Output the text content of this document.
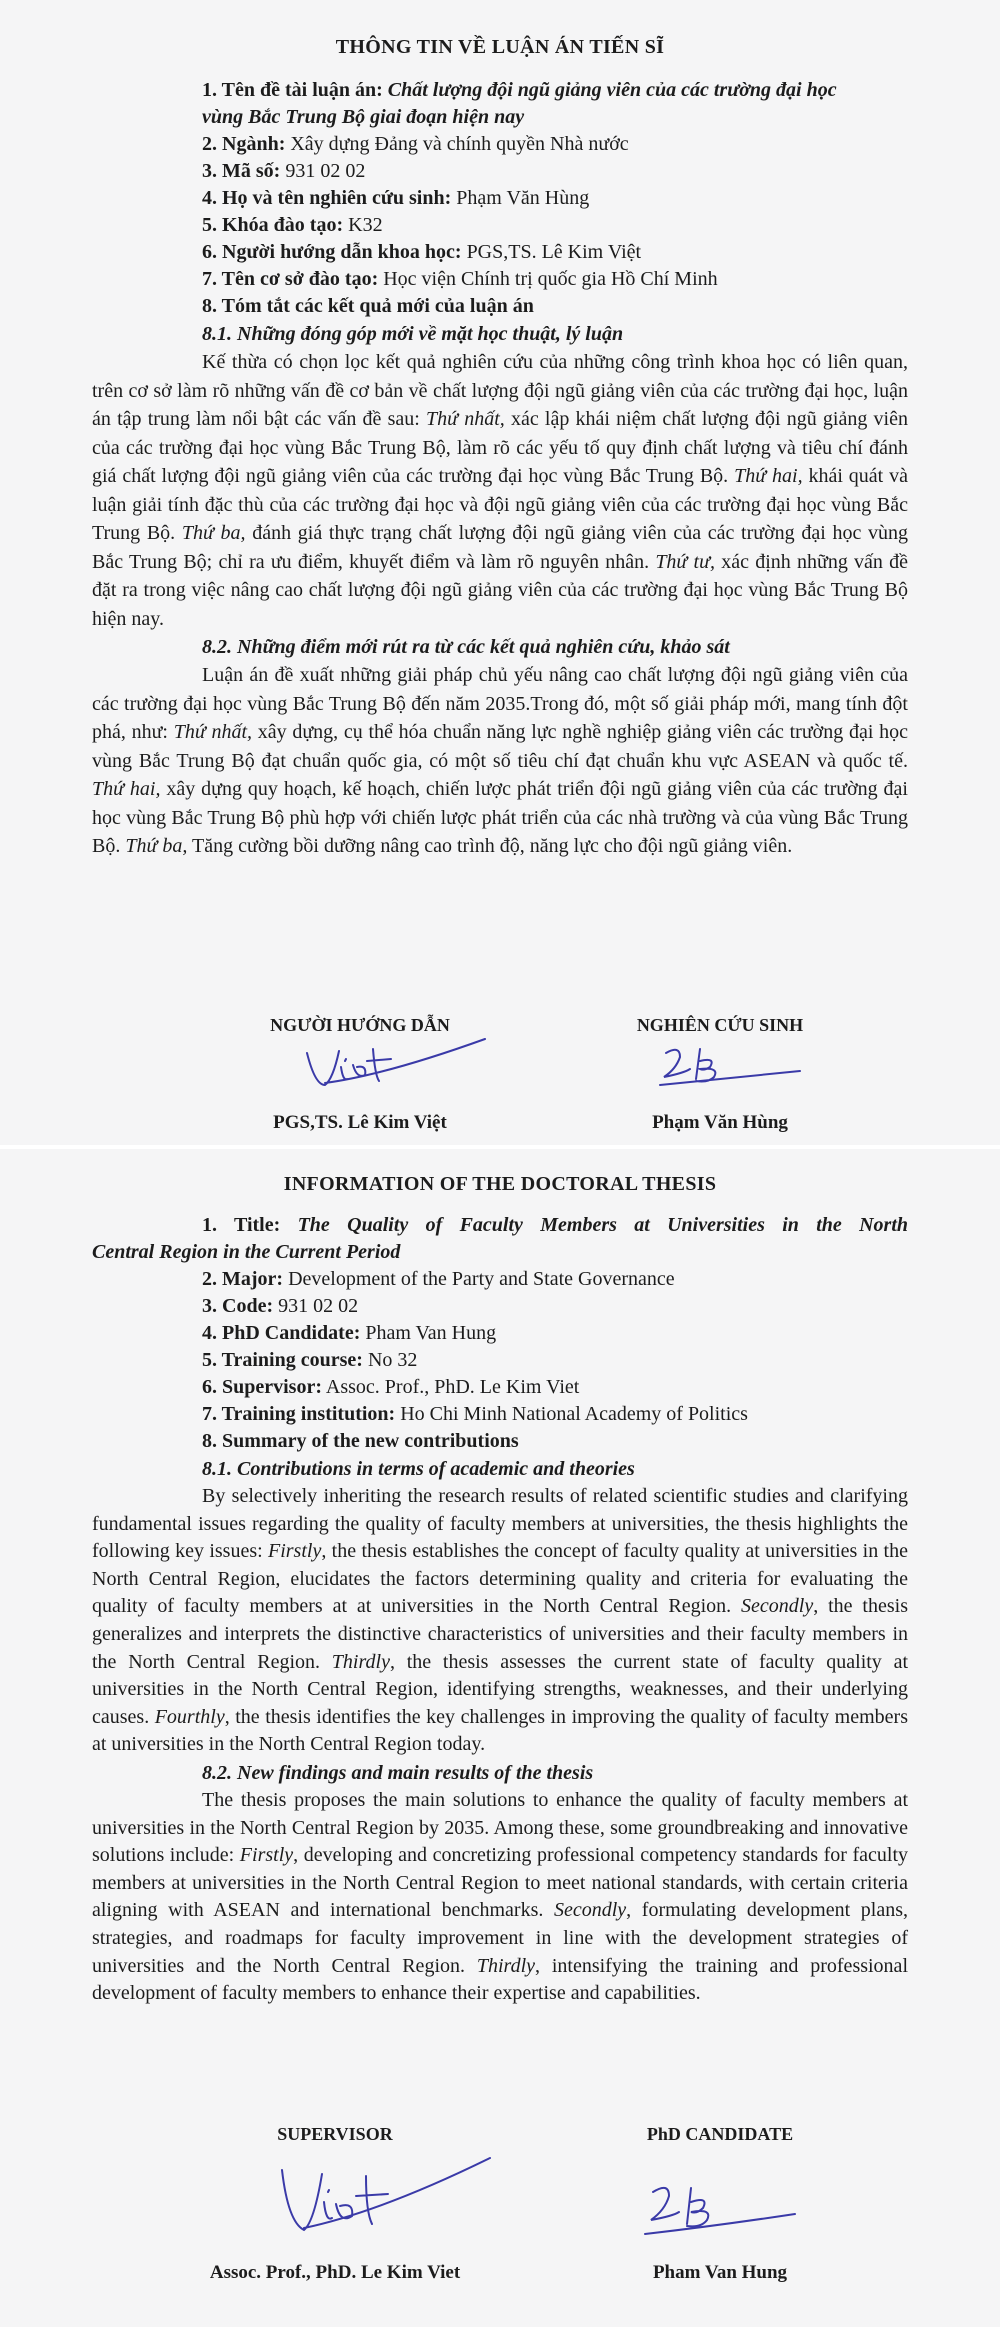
THÔNG TIN VỀ LUẬN ÁN TIẾN SĨ
1. Tên đề tài luận án: Chất lượng đội ngũ giảng viên của các trường đại học
vùng Bắc Trung Bộ giai đoạn hiện nay
2. Ngành: Xây dựng Đảng và chính quyền Nhà nước
3. Mã số: 931 02 02
4. Họ và tên nghiên cứu sinh: Phạm Văn Hùng
5. Khóa đào tạo: K32
6. Người hướng dẫn khoa học: PGS,TS. Lê Kim Việt
7. Tên cơ sở đào tạo: Học viện Chính trị quốc gia Hồ Chí Minh
8. Tóm tắt các kết quả mới của luận án
8.1. Những đóng góp mới về mặt học thuật, lý luận

Kế thừa có chọn lọc kết quả nghiên cứu của những công trình khoa học có liên quan, trên cơ sở làm rõ những vấn đề cơ bản về chất lượng đội ngũ giảng viên của các trường đại học, luận án tập trung làm nổi bật các vấn đề sau: Thứ nhất, xác lập khái niệm chất lượng đội ngũ giảng viên của các trường đại học vùng Bắc Trung Bộ, làm rõ các yếu tố quy định chất lượng và tiêu chí đánh giá chất lượng đội ngũ giảng viên của các trường đại học vùng Bắc Trung Bộ. Thứ hai, khái quát và luận giải tính đặc thù của các trường đại học và đội ngũ giảng viên của các trường đại học vùng Bắc Trung Bộ. Thứ ba, đánh giá thực trạng chất lượng đội ngũ giảng viên của các trường đại học vùng Bắc Trung Bộ; chỉ ra ưu điểm, khuyết điểm và làm rõ nguyên nhân. Thứ tư, xác định những vấn đề đặt ra trong việc nâng cao chất lượng đội ngũ giảng viên của các trường đại học vùng Bắc Trung Bộ hiện nay.

8.2. Những điểm mới rút ra từ các kết quả nghiên cứu, khảo sát

Luận án đề xuất những giải pháp chủ yếu nâng cao chất lượng đội ngũ giảng viên của các trường đại học vùng Bắc Trung Bộ đến năm 2035.Trong đó, một số giải pháp mới, mang tính đột phá, như: Thứ nhất, xây dựng, cụ thể hóa chuẩn năng lực nghề nghiệp giảng viên các trường đại học vùng Bắc Trung Bộ đạt chuẩn quốc gia, có một số tiêu chí đạt chuẩn khu vực ASEAN và quốc tế. Thứ hai, xây dựng quy hoạch, kế hoạch, chiến lược phát triển đội ngũ giảng viên của các trường đại học vùng Bắc Trung Bộ phù hợp với chiến lược phát triển của các nhà trường và của vùng Bắc Trung Bộ. Thứ ba, Tăng cường bồi dưỡng nâng cao trình độ, năng lực cho đội ngũ giảng viên.

NGƯỜI HƯỚNG DẪN
PGS,TS. Lê Kim Việt
NGHIÊN CỨU SINH
Phạm Văn Hùng
INFORMATION OF THE DOCTORAL THESIS
1. Title: The Quality of Faculty Members at Universities in the North
Central Region in the Current Period
2. Major: Development of the Party and State Governance
3. Code: 931 02 02
4. PhD Candidate: Pham Van Hung
5. Training course: No 32
6. Supervisor: Assoc. Prof., PhD. Le Kim Viet
7. Training institution: Ho Chi Minh National Academy of Politics
8. Summary of the new contributions
8.1. Contributions in terms of academic and theories

By selectively inheriting the research results of related scientific studies and clarifying fundamental issues regarding the quality of faculty members at universities, the thesis highlights the following key issues: Firstly, the thesis establishes the concept of faculty quality at universities in the North Central Region, elucidates the factors determining quality and criteria for evaluating the quality of faculty members at at universities in the North Central Region. Secondly, the thesis generalizes and interprets the distinctive characteristics of universities and their faculty members in the North Central Region. Thirdly, the thesis assesses the current state of faculty quality at universities in the North Central Region, identifying strengths, weaknesses, and their underlying causes. Fourthly, the thesis identifies the key challenges in improving the quality of faculty members at universities in the North Central Region today.

8.2. New findings and main results of the thesis

The thesis proposes the main solutions to enhance the quality of faculty members at universities in the North Central Region by 2035. Among these, some groundbreaking and innovative solutions include: Firstly, developing and concretizing professional competency standards for faculty members at universities in the North Central Region to meet national standards, with certain criteria aligning with ASEAN and international benchmarks. Secondly, formulating development plans, strategies, and roadmaps for faculty improvement in line with the development strategies of universities and the North Central Region. Thirdly, intensifying the training and professional development of faculty members to enhance their expertise and capabilities.

SUPERVISOR
Assoc. Prof., PhD. Le Kim Viet
PhD CANDIDATE
Pham Van Hung
